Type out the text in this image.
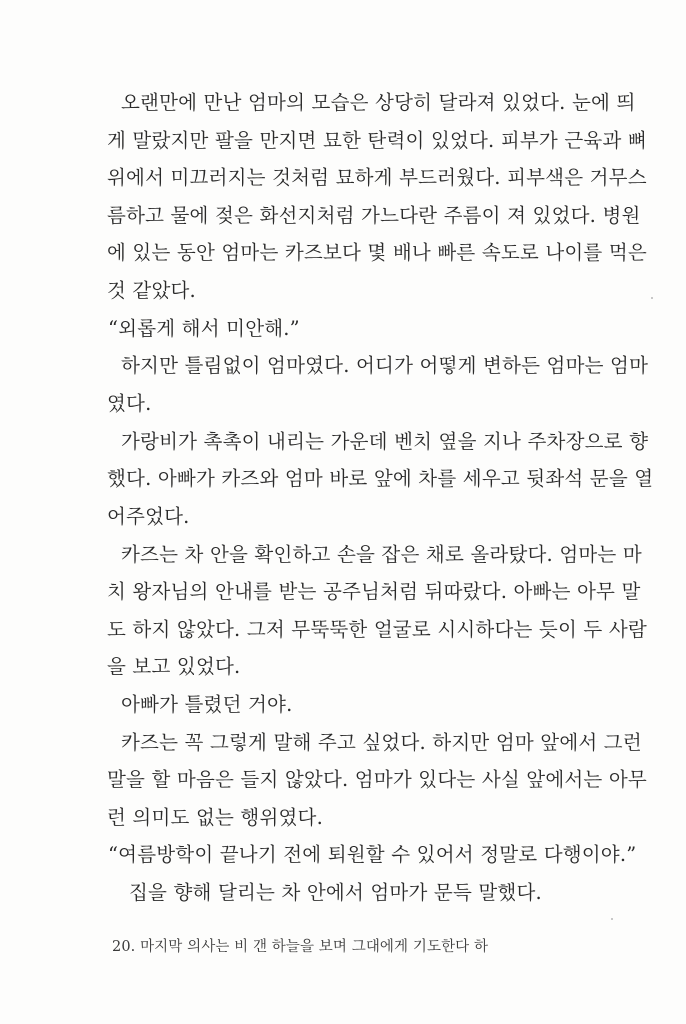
오랜만에 만난 엄마의 모습은 상당히 달라져 있었다. 눈에 띄
게 말랐지만 팔을 만지면 묘한 탄력이 있었다. 피부가 근육과 뼈
위에서 미끄러지는 것처럼 묘하게 부드러웠다. 피부색은 거무스
름하고 물에 젖은 화선지처럼 가느다란 주름이 져 있었다. 병원
에 있는 동안 엄마는 카즈보다 몇 배나 빠른 속도로 나이를 먹은
것 같았다.
“외롭게 해서 미안해.”
하지만 틀림없이 엄마였다. 어디가 어떻게 변하든 엄마는 엄마
였다.
가랑비가 촉촉이 내리는 가운데 벤치 옆을 지나 주차장으로 향
했다. 아빠가 카즈와 엄마 바로 앞에 차를 세우고 뒷좌석 문을 열
어주었다.
카즈는 차 안을 확인하고 손을 잡은 채로 올라탔다. 엄마는 마
치 왕자님의 안내를 받는 공주님처럼 뒤따랐다. 아빠는 아무 말
도 하지 않았다. 그저 무뚝뚝한 얼굴로 시시하다는 듯이 두 사람
을 보고 있었다.
아빠가 틀렸던 거야.
카즈는 꼭 그렇게 말해 주고 싶었다. 하지만 엄마 앞에서 그런
말을 할 마음은 들지 않았다. 엄마가 있다는 사실 앞에서는 아무
런 의미도 없는 행위였다.
“여름방학이 끝나기 전에 퇴원할 수 있어서 정말로 다행이야.”
집을 향해 달리는 차 안에서 엄마가 문득 말했다.
20. 마지막 의사는 비 갠 하늘을 보며 그대에게 기도한다 하
